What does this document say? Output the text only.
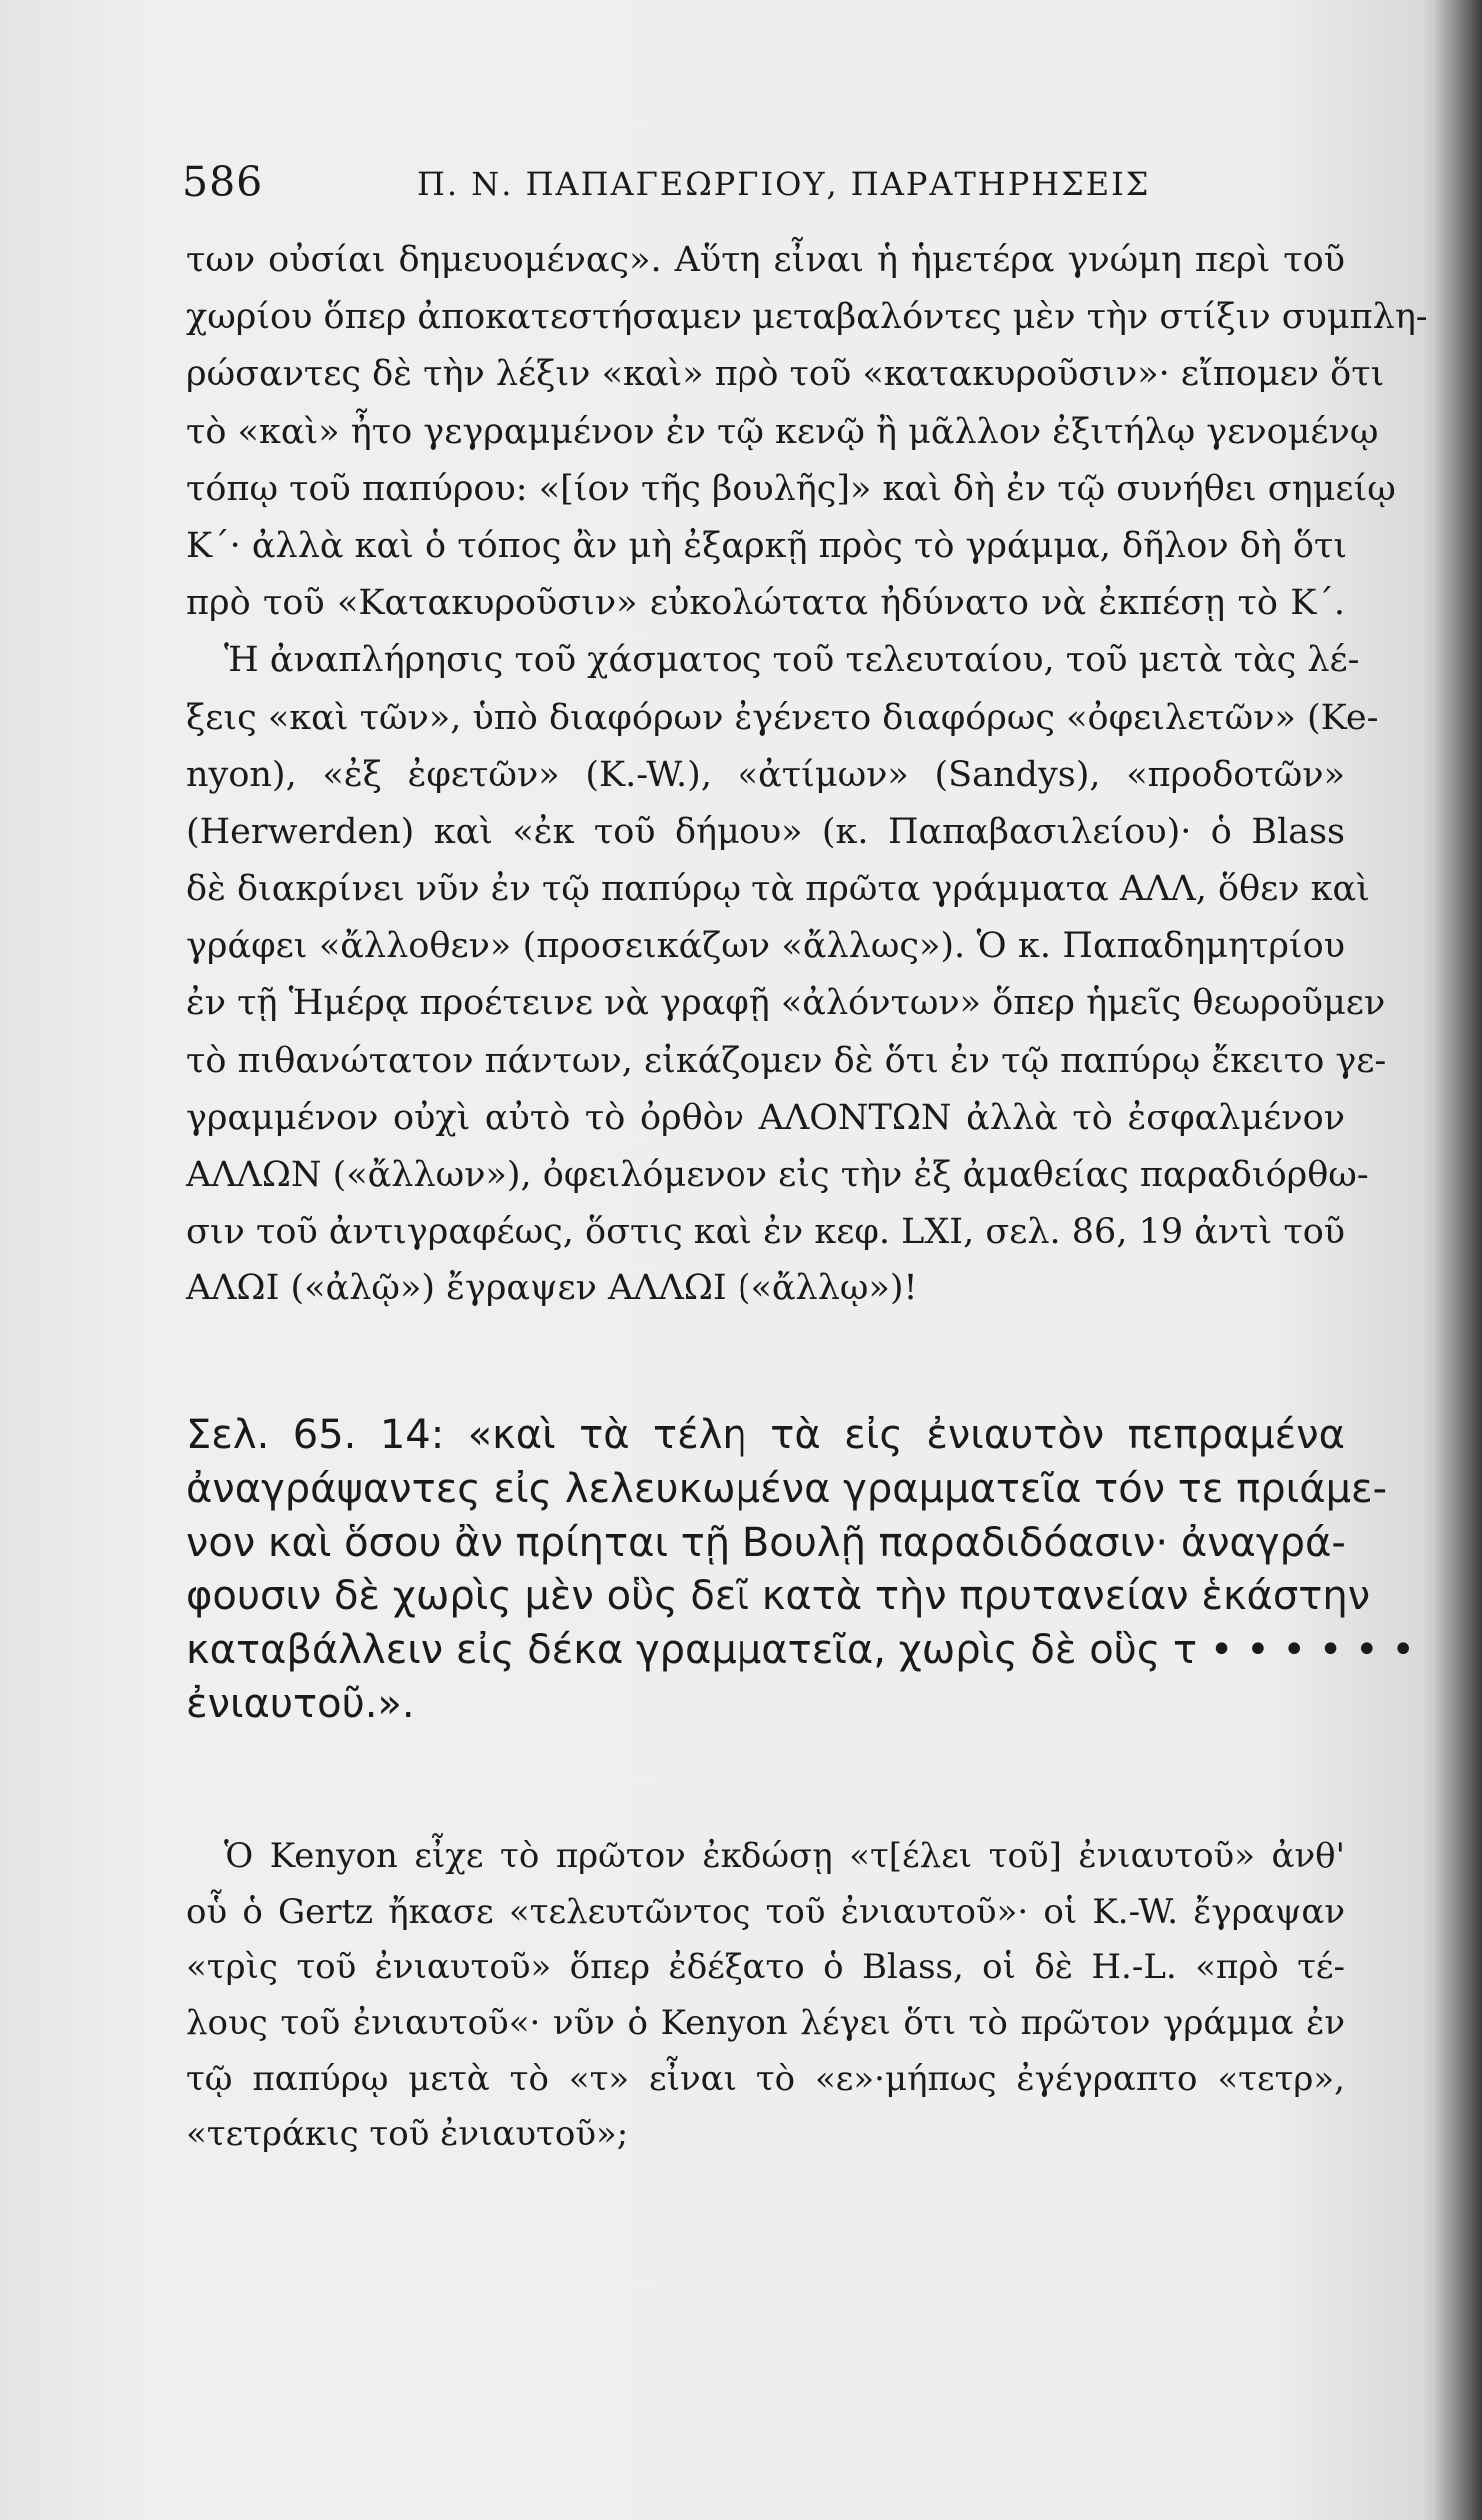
586	Π. Ν. ΠΑΠΑΓΕΩΡΓΙΟΥ, ΠΑΡΑΤΗΡΗΣΕΙΣ
των οὐσίαι δημευομένας». Αὕτη εἶναι ἡ ἡμετέρα γνώμη περὶ τοῦ
χωρίου ὅπερ ἀποκατεστήσαμεν μεταβαλόντες μὲν τὴν στίξιν συμπλη-
ρώσαντες δὲ τὴν λέξιν «καὶ» πρὸ τοῦ «κατακυροῦσιν»· εἴπομεν ὅτι
τὸ «καὶ» ἦτο γεγραμμένον ἐν τῷ κενῷ ἢ μᾶλλον ἐξιτήλῳ γενομένῳ
τόπῳ τοῦ παπύρου: «[ίον τῆς βουλῆς]» καὶ δὴ ἐν τῷ συνήθει σημείῳ
Κ΄· ἀλλὰ καὶ ὁ τόπος ἂν μὴ ἐξαρκῇ πρὸς τὸ γράμμα, δῆλον δὴ ὅτι
πρὸ τοῦ «Κατακυροῦσιν» εὐκολώτατα ἠδύνατο νὰ ἐκπέσῃ τὸ Κ΄.
Ἡ ἀναπλήρησις τοῦ χάσματος τοῦ τελευταίου, τοῦ μετὰ τὰς λέ-
ξεις «καὶ τῶν», ὑπὸ διαφόρων ἐγένετο διαφόρως «ὀφειλετῶν» (Ke-
nyon), «ἐξ ἐφετῶν» (K.-W.), «ἀτίμων» (Sandys), «προδοτῶν»
(Herwerden) καὶ «ἐκ τοῦ δήμου» (κ. Παπαβασιλείου)· ὁ Blass
δὲ διακρίνει νῦν ἐν τῷ παπύρῳ τὰ πρῶτα γράμματα ΑΛΛ, ὅθεν καὶ
γράφει «ἄλλοθεν» (προσεικάζων «ἄλλως»). Ὁ κ. Παπαδημητρίου
ἐν τῇ Ἡμέρᾳ προέτεινε νὰ γραφῇ «ἀλόντων» ὅπερ ἡμεῖς θεωροῦμεν
τὸ πιθανώτατον πάντων, εἰκάζομεν δὲ ὅτι ἐν τῷ παπύρῳ ἔκειτο γε-
γραμμένον οὐχὶ αὐτὸ τὸ ὀρθὸν ΑΛΟΝΤΩΝ ἀλλὰ τὸ ἐσφαλμένον
ΑΛΛΩΝ («ἄλλων»), ὀφειλόμενον εἰς τὴν ἐξ ἀμαθείας παραδιόρθω-
σιν τοῦ ἀντιγραφέως, ὅστις καὶ ἐν κεφ. LXI, σελ. 86, 19 ἀντὶ τοῦ
ΑΛΩΙ («ἀλῷ») ἔγραψεν ΑΛΛΩΙ («ἄλλῳ»)!
Σελ. 65. 14: «καὶ τὰ τέλη τὰ εἰς ἐνιαυτὸν πεπραμένα
ἀναγράψαντες εἰς λελευκωμένα γραμματεῖα τόν τε πριάμε-
νον καὶ ὅσου ἂν πρίηται τῇ Βουλῇ παραδιδόασιν· ἀναγρά-
φουσιν δὲ χωρὶς μὲν οὓς δεῖ κατὰ τὴν πρυτανείαν ἑκάστην
καταβάλλειν εἰς δέκα γραμματεῖα, χωρὶς δὲ οὓς τ • • • • • •
ἐνιαυτοῦ.».
Ὁ Kenyon εἶχε τὸ πρῶτον ἐκδώσῃ «τ[έλει τοῦ] ἐνιαυτοῦ» ἀνθ'
οὗ ὁ Gertz ἤκασε «τελευτῶντος τοῦ ἐνιαυτοῦ»· οἱ K.-W. ἔγραψαν
«τρὶς τοῦ ἐνιαυτοῦ» ὅπερ ἐδέξατο ὁ Blass, οἱ δὲ H.-L. «πρὸ τέ-
λους τοῦ ἐνιαυτοῦ«· νῦν ὁ Kenyon λέγει ὅτι τὸ πρῶτον γράμμα ἐν
τῷ παπύρῳ μετὰ τὸ «τ» εἶναι τὸ «ε»·μήπως ἐγέγραπτο «τετρ»,
«τετράκις τοῦ ἐνιαυτοῦ»;
